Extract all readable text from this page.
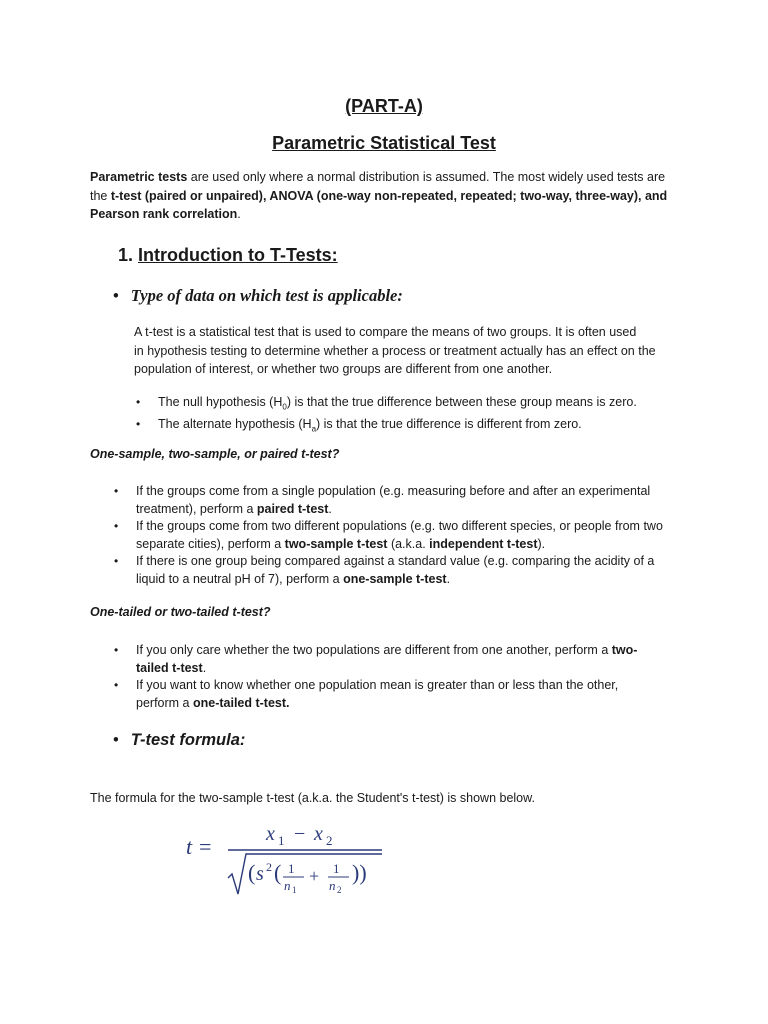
(PART-A)
Parametric Statistical Test
Parametric tests are used only where a normal distribution is assumed. The most widely used tests are the t-test (paired or unpaired), ANOVA (one-way non-repeated, repeated; two-way, three-way), and Pearson rank correlation.
1. Introduction to T-Tests:
• Type of data on which test is applicable:
A t-test is a statistical test that is used to compare the means of two groups. It is often used
in hypothesis testing to determine whether a process or treatment actually has an effect on the
population of interest, or whether two groups are different from one another.
• The null hypothesis $(H_0)$ is that the true difference between these group means is zero.
• The alternate hypothesis $(H_a)$ is that the true difference is different from zero.
One-sample, two-sample, or paired t-test?
• If the groups come from a single population (e.g. measuring before and after an experimental treatment), perform a paired t-test.
• If the groups come from two different populations (e.g. two different species, or people from two separate cities), perform a two-sample t-test (a.k.a. independent t-test).
• If there is one group being compared against a standard value (e.g. comparing the acidity of a liquid to a neutral pH of 7), perform a one-sample t-test.
One-tailed or two-tailed t-test?
• If you only care whether the two populations are different from one another, perform a two-tailed t-test.
• If you want to know whether one population mean is greater than or less than the other, perform a one-tailed t-test.
• T-test formula:
The formula for the two-sample t-test (a.k.a. the Student's t-test) is shown below.
t =	x 1 − x 2
( s 2 ( 1
n 1
+ 1
n 2
))
